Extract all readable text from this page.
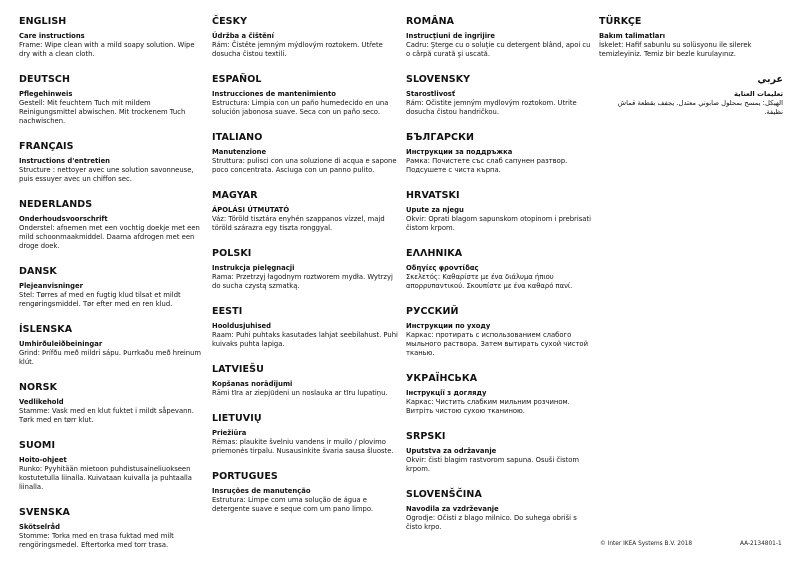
ENGLISH
Care instructions
Frame: Wipe clean with a mild soapy solution. Wipe dry with a clean cloth.
DEUTSCH
Pflegehinweis
Gestell: Mit feuchtem Tuch mit mildem Reinigungsmittel abwischen. Mit trockenem Tuch nachwischen.
FRANÇAIS
Instructions d'entretien
Structure : nettoyer avec une solution savonneuse, puis essuyer avec un chiffon sec.
NEDERLANDS
Onderhoudsvoorschrift
Onderstel: afnemen met een vochtig doekje met een mild schoonmaakmiddel. Daarna afdrogen met een droge doek.
DANSK
Plejeanvisninger
Stel: Tørres af med en fugtig klud tilsat et mildt rengøringsmiddel. Tør efter med en ren klud.
ÍSLENSKA
Umhirðuleiðbeiningar
Grind: Þrífðu með mildri sápu. Þurrkaðu með hreinum klút.
NORSK
Vedlikehold
Stamme: Vask med en klut fuktet i mildt såpevann. Tørk med en tørr klut.
SUOMI
Hoito-ohjeet
Runko: Pyyhitään mietoon puhdistusaineliuokseen kostutetulla liinalla. Kuivataan kuivalla ja puhtaalla liinalla.
SVENSKA
Skötselråd
Stomme: Torka med en trasa fuktad med milt rengöringsmedel. Eftertorka med torr trasa.
ČESKY
Údržba a čištění
Rám: Čistěte jemným mýdlovým roztokem. Utřete dosucha čistou textilí.
ESPAÑOL
Instrucciones de mantenimiento
Estructura: Limpia con un paño humedecido en una solución jabonosa suave. Seca con un paño seco.
ITALIANO
Manutenzione
Struttura: pulisci con una soluzione di acqua e sapone poco concentrata. Asciuga con un panno pulito.
MAGYAR
ÁPOLÁSI ÚTMUTATÓ
Váz: Töröld tisztára enyhén szappanos vízzel, majd töröld szárazra egy tiszta ronggyal.
POLSKI
Instrukcja pielęgnacji
Rama: Przetrzyj łagodnym roztworem mydła. Wytrzyj do sucha czystą szmatką.
EESTI
Hooldusjuhised
Raam: Puhi puhtaks kasutades lahjat seebilahust. Puhi kuivaks puhta lapiga.
LATVIEŠU
Kopšanas norādījumi
Rāmi tīra ar ziepjūdeni un noslauka ar tīru lupatiņu.
LIETUVIŲ
Priežiūra
Rėmas: plaukite švelniu vandens ir muilo / plovimo priemonės tirpalu. Nusausinkite švaria sausa šluoste.
PORTUGUES
Insruções de manutenção
Estrutura: Limpe com uma solução de água e detergente suave e seque com um pano limpo.
ROMÂNA
Instrucţiuni de îngrijire
Cadru: Şterge cu o soluţie cu detergent blând, apoi cu o cârpă curată şi uscată.
SLOVENSKY
Starostlivosť
Rám: Očistite jemným mydlovým roztokom. Utrite dosucha čistou handričkou.
БЪЛГАРСКИ
Инструкции за поддръжка
Рамка: Почистете със слаб сапунен разтвор. Подсушете с чиста кърпа.
HRVATSKI
Upute za njegu
Okvir: Oprati blagom sapunskom otopinom i prebrisati čistom krpom.
ΕΛΛΗΝΙΚΑ
Οδηγίες φροντίδας
Σκελετός: Καθαρίστε με ένα διάλυμα ήπιου απορρυπαντικού. Σκουπίστε με ένα καθαρό πανί.
РУССКИЙ
Инструкции по уходу
Каркас: протирать с использованием слабого мыльного раствора. Затем вытирать сухой чистой тканью.
УКРАЇНСЬКА
Інструкції з догляду
Каркас: Чистить слабким мильним розчином. Витріть чистою сухою тканиною.
SRPSKI
Uputstva za održavanje
Okvir: čisti blagim rastvorom sapuna. Osuši čistom krpom.
SLOVENŠČINA
Navodila za vzdrževanje
Ogrodje: Očisti z blago milnico. Do suhega obriši s čisto krpo.
TÜRKÇE
Bakım talimatları
İskelet: Hafif sabunlu su solüsyonu ile silerek temizleyiniz. Temiz bir bezle kurulayınız.
عربي
تعليمات العناية
الهيكل: يمسح بمحلول صابوني معتدل. يجفف بقطعة قماش نظيفة.
© Inter IKEA Systems B.V. 2018	AA-2134801-1
